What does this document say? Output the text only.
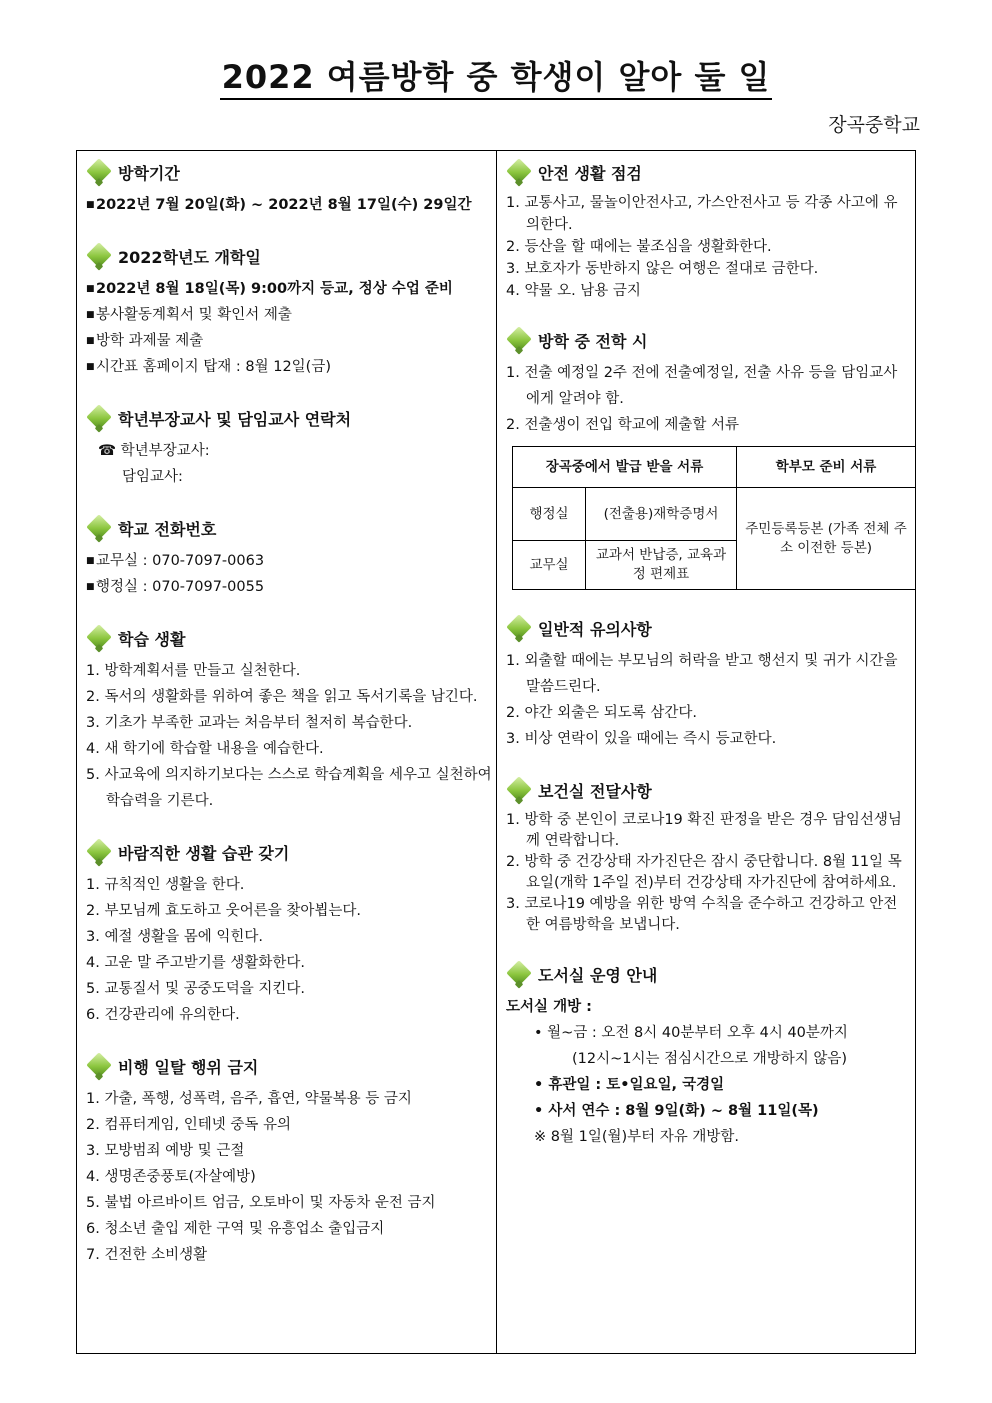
2022 여름방학 중 학생이 알아 둘 일
장곡중학교
방학기간
■ 2022년 7월 20일(화) ~ 2022년 8월 17일(수) 29일간
2022학년도 개학일
■ 2022년 8월 18일(목) 9:00까지 등교, 정상 수업 준비
■ 봉사활동계획서 및 확인서 제출
■ 방학 과제물 제출
■ 시간표 홈페이지 탑재 : 8월 12일(금)
학년부장교사 및 담임교사 연락처
☎ 학년부장교사:
담임교사:
학교 전화번호
■ 교무실 : 070-7097-0063
■ 행정실 : 070-7097-0055
학습 생활
1. 방학계획서를 만들고 실천한다.
2. 독서의 생활화를 위하여 좋은 책을 읽고 독서기록을 남긴다.
3. 기초가 부족한 교과는 처음부터 철저히 복습한다.
4. 새 학기에 학습할 내용을 예습한다.
5. 사교육에 의지하기보다는 스스로 학습계획을 세우고 실천하여 학습력을 기른다.
바람직한 생활 습관 갖기
1. 규칙적인 생활을 한다.
2. 부모님께 효도하고 웃어른을 찾아뵙는다.
3. 예절 생활을 몸에 익힌다.
4. 고운 말 주고받기를 생활화한다.
5. 교통질서 및 공중도덕을 지킨다.
6. 건강관리에 유의한다.
비행 일탈 행위 금지
1. 가출, 폭행, 성폭력, 음주, 흡연, 약물복용 등 금지
2. 컴퓨터게임, 인테넷 중독 유의
3. 모방범죄 예방 및 근절
4. 생명존중풍토(자살예방)
5. 불법 아르바이트 엄금, 오토바이 및 자동차 운전 금지
6. 청소년 출입 제한 구역 및 유흥업소 출입금지
7. 건전한 소비생활
안전 생활 점검
1. 교통사고, 물놀이안전사고, 가스안전사고 등 각종 사고에 유의한다.
2. 등산을 할 때에는 불조심을 생활화한다.
3. 보호자가 동반하지 않은 여행은 절대로 금한다.
4. 약물 오. 남용 금지
방학 중 전학 시
1. 전출 예정일 2주 전에 전출예정일, 전출 사유 등을 담임교사에게 알려야 함.
2. 전출생이 전입 학교에 제출할 서류
장곡중에서 발급 받을 서류		학부모 준비 서류
행정실	(전출용)재학증명서	주민등록등본 (가족 전체 주소 이전한 등본)
교무실	교과서 반납증, 교육과정 편제표	
일반적 유의사항
1. 외출할 때에는 부모님의 허락을 받고 행선지 및 귀가 시간을 말씀드린다.
2. 야간 외출은 되도록 삼간다.
3. 비상 연락이 있을 때에는 즉시 등교한다.
보건실 전달사항
1. 방학 중 본인이 코로나19 확진 판정을 받은 경우 담임선생님께 연락합니다.
2. 방학 중 건강상태 자가진단은 잠시 중단합니다. 8월 11일 목요일(개학 1주일 전)부터 건강상태 자가진단에 참여하세요.
3. 코로나19 예방을 위한 방역 수칙을 준수하고 건강하고 안전한 여름방학을 보냅니다.
도서실 운영 안내
도서실 개방 :
• 월~금 : 오전 8시 40분부터 오후 4시 40분까지
(12시~1시는 점심시간으로 개방하지 않음)
• 휴관일 : 토•일요일, 국경일
• 사서 연수 : 8월 9일(화) ~ 8월 11일(목)
※ 8월 1일(월)부터 자유 개방함.
